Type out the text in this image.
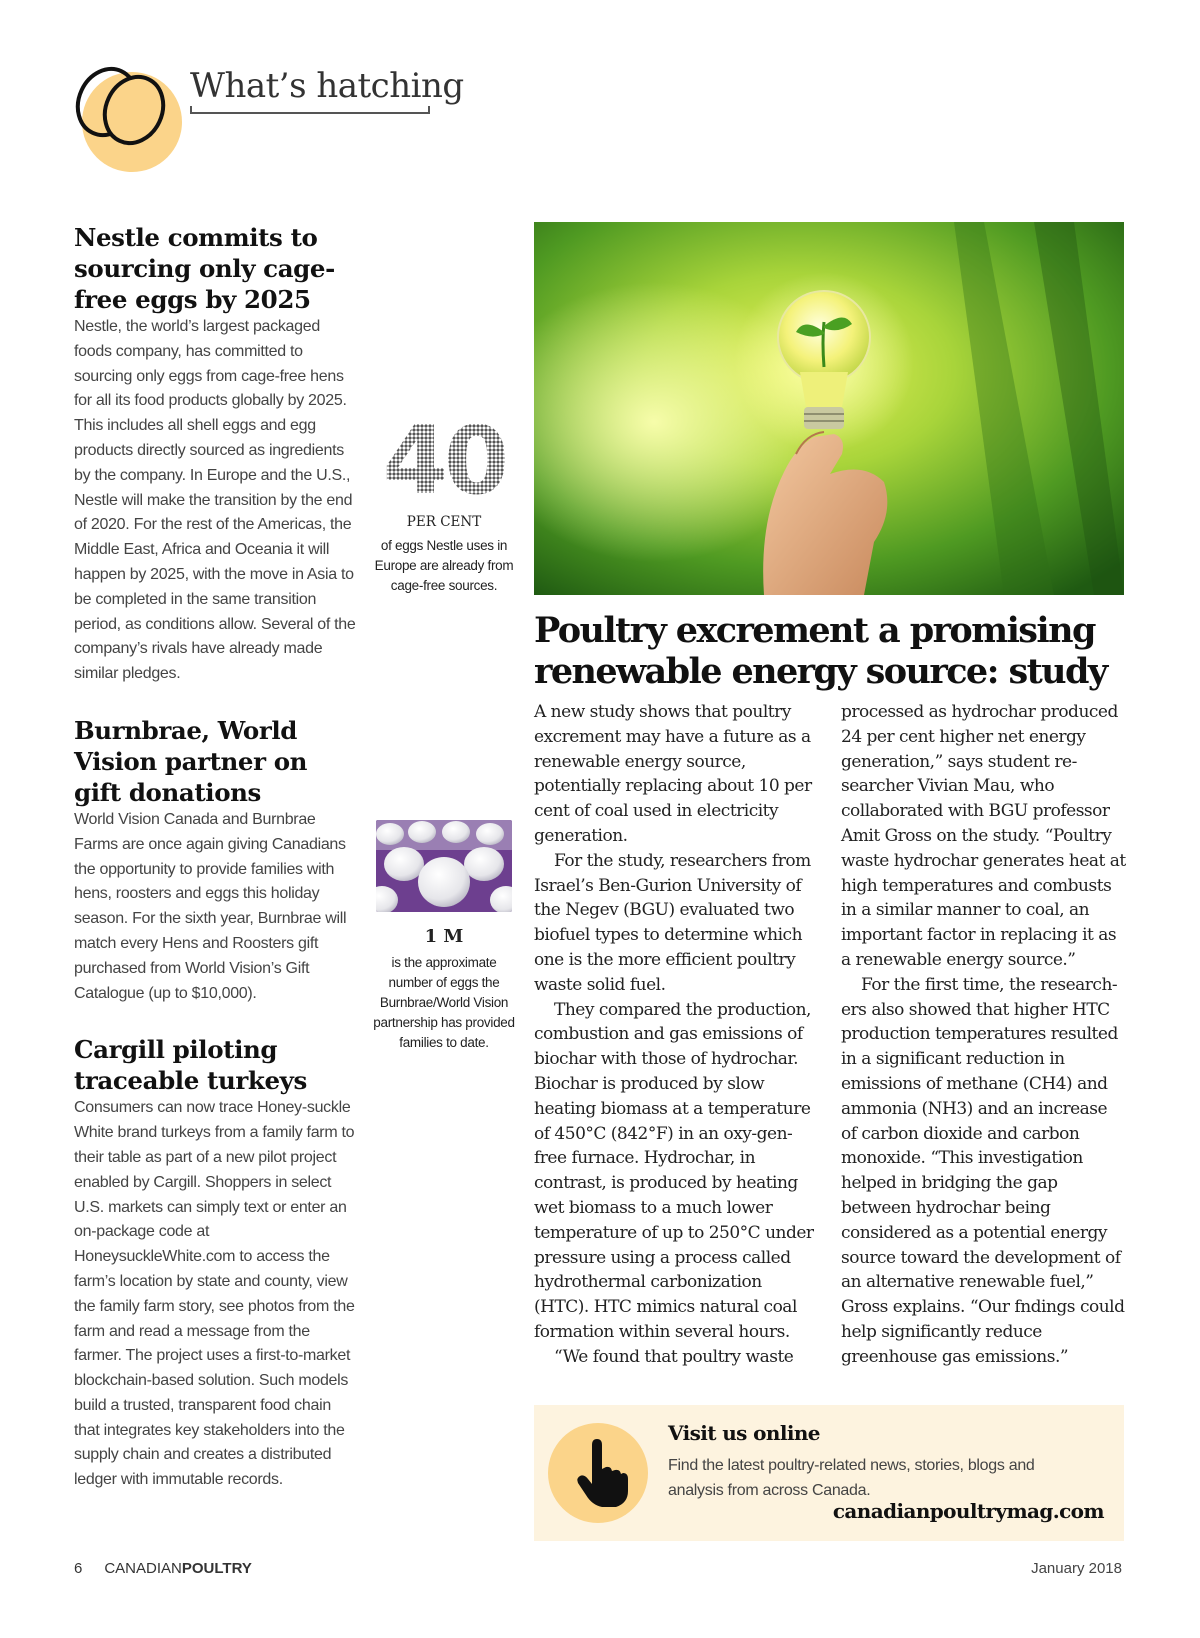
What’s hatching
Nestle commits to sourcing only cage-free eggs by 2025

Nestle, the world’s largest packaged foods company, has committed to sourcing only eggs from cage-free hens for all its food products globally by 2025. This includes all shell eggs and egg products directly sourced as ingredients by the company. In Europe and the U.S., Nestle will make the transition by the end of 2020. For the rest of the Americas, the Middle East, Africa and Oceania it will happen by 2025, with the move in Asia to be completed in the same transition period, as conditions allow. Several of the company’s rivals have already made similar pledges.

Burnbrae, World Vision partner on gift donations

World Vision Canada and Burnbrae Farms are once again giving Canadians the opportunity to provide families with hens, roosters and eggs this holiday season. For the sixth year, Burnbrae will match every Hens and Roosters gift purchased from World Vision’s Gift Catalogue (up to $10,000).

Cargill piloting traceable turkeys

Consumers can now trace Honey-suckle White brand turkeys from a family farm to their table as part of a new pilot project enabled by Cargill. Shoppers in select U.S. markets can simply text or enter an on-package code at HoneysuckleWhite.com to access the farm’s location by state and county, view the family farm story, see photos from the farm and read a message from the farmer. The project uses a first-to-market blockchain-based solution. Such models build a trusted, transparent food chain that integrates key stakeholders into the supply chain and creates a distributed ledger with immutable records.

40
PER CENT
of eggs Nestle uses in Europe are already from cage-free sources.
1 M
is the approximate number of eggs the Burnbrae/World Vision partnership has provided families to date.
Poultry excrement a promising renewable energy source: study

A new study shows that poultry excrement may have a future as a renewable energy source, potentially replacing about 10 per cent of coal used in electricity generation.

For the study, researchers from Israel’s Ben-Gurion University of the Negev (BGU) evaluated two biofuel types to determine which one is the more efficient poultry waste solid fuel.

They compared the production, combustion and gas emissions of biochar with those of hydrochar. Biochar is produced by slow heating biomass at a temperature of 450°C (842°F) in an oxy-gen-free furnace. Hydrochar, in contrast, is produced by heating wet biomass to a much lower temperature of up to 250°C under pressure using a process called hydrothermal carbonization (HTC). HTC mimics natural coal formation within several hours.

“We found that poultry waste

processed as hydrochar produced 24 per cent higher net energy generation,” says student re-searcher Vivian Mau, who collaborated with BGU professor Amit Gross on the study. “Poultry waste hydrochar generates heat at high temperatures and combusts in a similar manner to coal, an important factor in replacing it as a renewable energy source.”

For the first time, the research-ers also showed that higher HTC production temperatures resulted in a significant reduction in emissions of methane (CH4) and ammonia (NH3) and an increase of carbon dioxide and carbon monoxide. “This investigation helped in bridging the gap between hydrochar being considered as a potential energy source toward the development of an alternative renewable fuel,” Gross explains. “Our fndings could help significantly reduce greenhouse gas emissions.”

Visit us online
Find the latest poultry-related news, stories, blogs and analysis from across Canada.
canadianpoultrymag.com
6 CANADIANPOULTRY	January 2018
